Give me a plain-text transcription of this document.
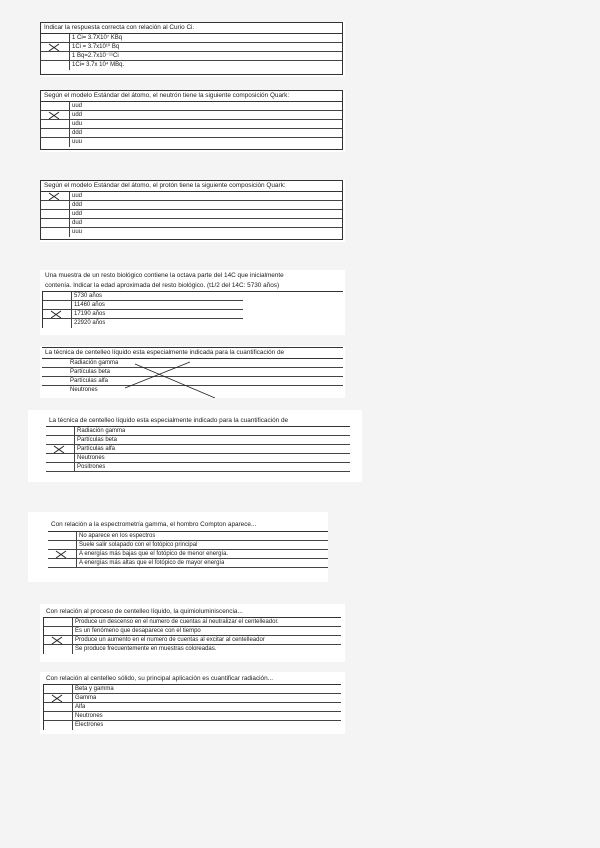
Indicar la respuesta correcta con relación al Curio Ci.
1 Ci= 3.7X10⁷ KBq
1Ci = 3.7x10¹⁰ Bq
1 Bq=2.7x10⁻¹¹Ci
1Ci= 3.7x 10⁴ MBq.
Según el modelo Estándar del átomo, el neutrón tiene la siguiente composición Quark:
uud
udd
udu
ddd
uuu
Según el modelo Estándar del átomo, el protón tiene la siguiente composición Quark:
uud
ddd
udd
dud
uuu
Una muestra de un resto biológico contiene la octava parte del 14C que inicialmente
contenía. Indicar la edad aproximada del resto biológico. (t1/2 del 14C: 5730 años)
5730 años
11460 años
17190 años
22920 años
La técnica de centelleo líquido esta especialmente indicada para la cuantificación de
Radiación gamma
Partículas beta
Partículas alfa
Neutrones
La técnica de centelleo líquido esta especialmente indicado para la cuantificación de
Radiación gamma
Partículas beta
Partículas alfa
Neutrones
Positrones
Con relación a la espectrometría gamma, el hombro Compton aparece...
No aparece en los espectros
Suele salir solapado con el fotópico principal
A energías más bajas que el fotópico de menor energía.
A energías más altas que el fotópico de mayor energía
Con relación al proceso de centelleo líquido, la quimioluminiscencia...
Produce un descenso en el numero de cuentas al neutralizar el centelleador.
Es un fenómeno que desaparece con el tiempo
Produce un aumento en el numero de cuentas al excitar al centelleador
Se produce frecuentemente en muestras coloreadas.
Con relación al centelleo sólido, su principal aplicación es cuantificar radiación...
Beta y gamma
Gamma
Alfa
Neutrones
Electrones
